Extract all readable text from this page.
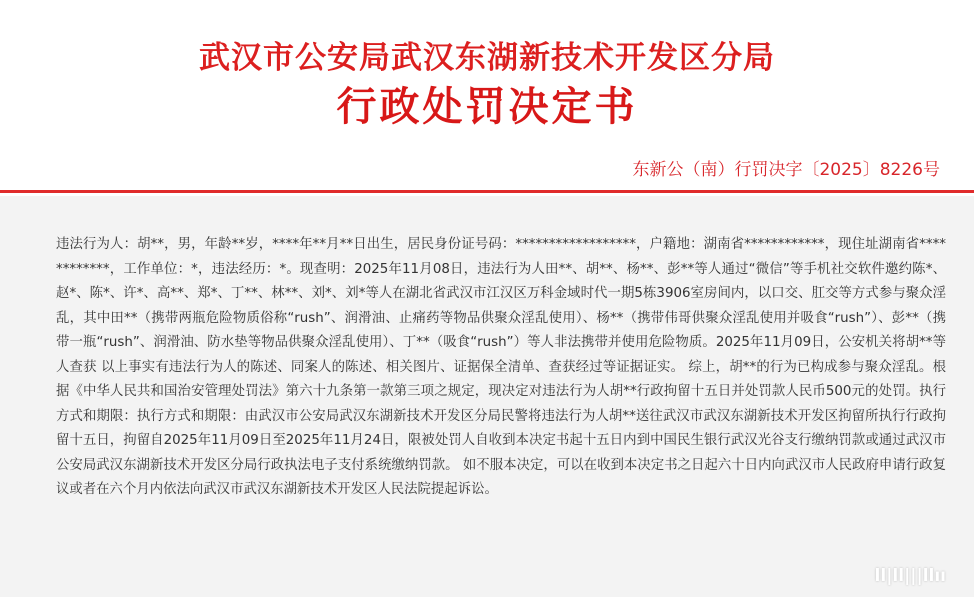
武汉市公安局武汉东湖新技术开发区分局
行政处罚决定书
东新公（南）行罚决字〔2025〕8226号

违法行为人：胡**，男，年龄**岁，****年**月**日出生，居民身份证号码：******************，户籍地：湖南省************，现住址湖南省************，工作单位：*，违法经历：*。现查明：2025年11月08日，违法行为人田**、胡**、杨**、彭**等人通过“微信”等手机社交软件邀约陈*、赵*、陈*、许*、高**、郑*、丁**、林**、刘*、刘*等人在湖北省武汉市江汉区万科金域时代一期5栋3906室房间内，以口交、肛交等方式参与聚众淫乱，其中田**（携带两瓶危险物质俗称“rush”、润滑油、止痛药等物品供聚众淫乱使用）、杨**（携带伟哥供聚众淫乱使用并吸食“rush”）、彭**（携带一瓶“rush”、润滑油、防水垫等物品供聚众淫乱使用）、丁**（吸食“rush”）等人非法携带并使用危险物质。2025年11月09日，公安机关将胡**等人查获 以上事实有违法行为人的陈述、同案人的陈述、相关图片、证据保全清单、查获经过等证据证实。 综上，胡**的行为已构成参与聚众淫乱。根据《中华人民共和国治安管理处罚法》第六十九条第一款第三项之规定，现决定对违法行为人胡**行政拘留十五日并处罚款人民币500元的处罚。执行方式和期限：执行方式和期限：由武汉市公安局武汉东湖新技术开发区分局民警将违法行为人胡**送往武汉市武汉东湖新技术开发区拘留所执行行政拘留十五日，拘留自2025年11月09日至2025年11月24日，限被处罚人自收到本决定书起十五日内到中国民生银行武汉光谷支行缴纳罚款或通过武汉市公安局武汉东湖新技术开发区分局行政执法电子支付系统缴纳罚款。 如不服本决定，可以在收到本决定书之日起六十日内向武汉市人民政府申请行政复议或者在六个月内依法向武汉市武汉东湖新技术开发区人民法院提起诉讼。

ll|ll|||llıı
